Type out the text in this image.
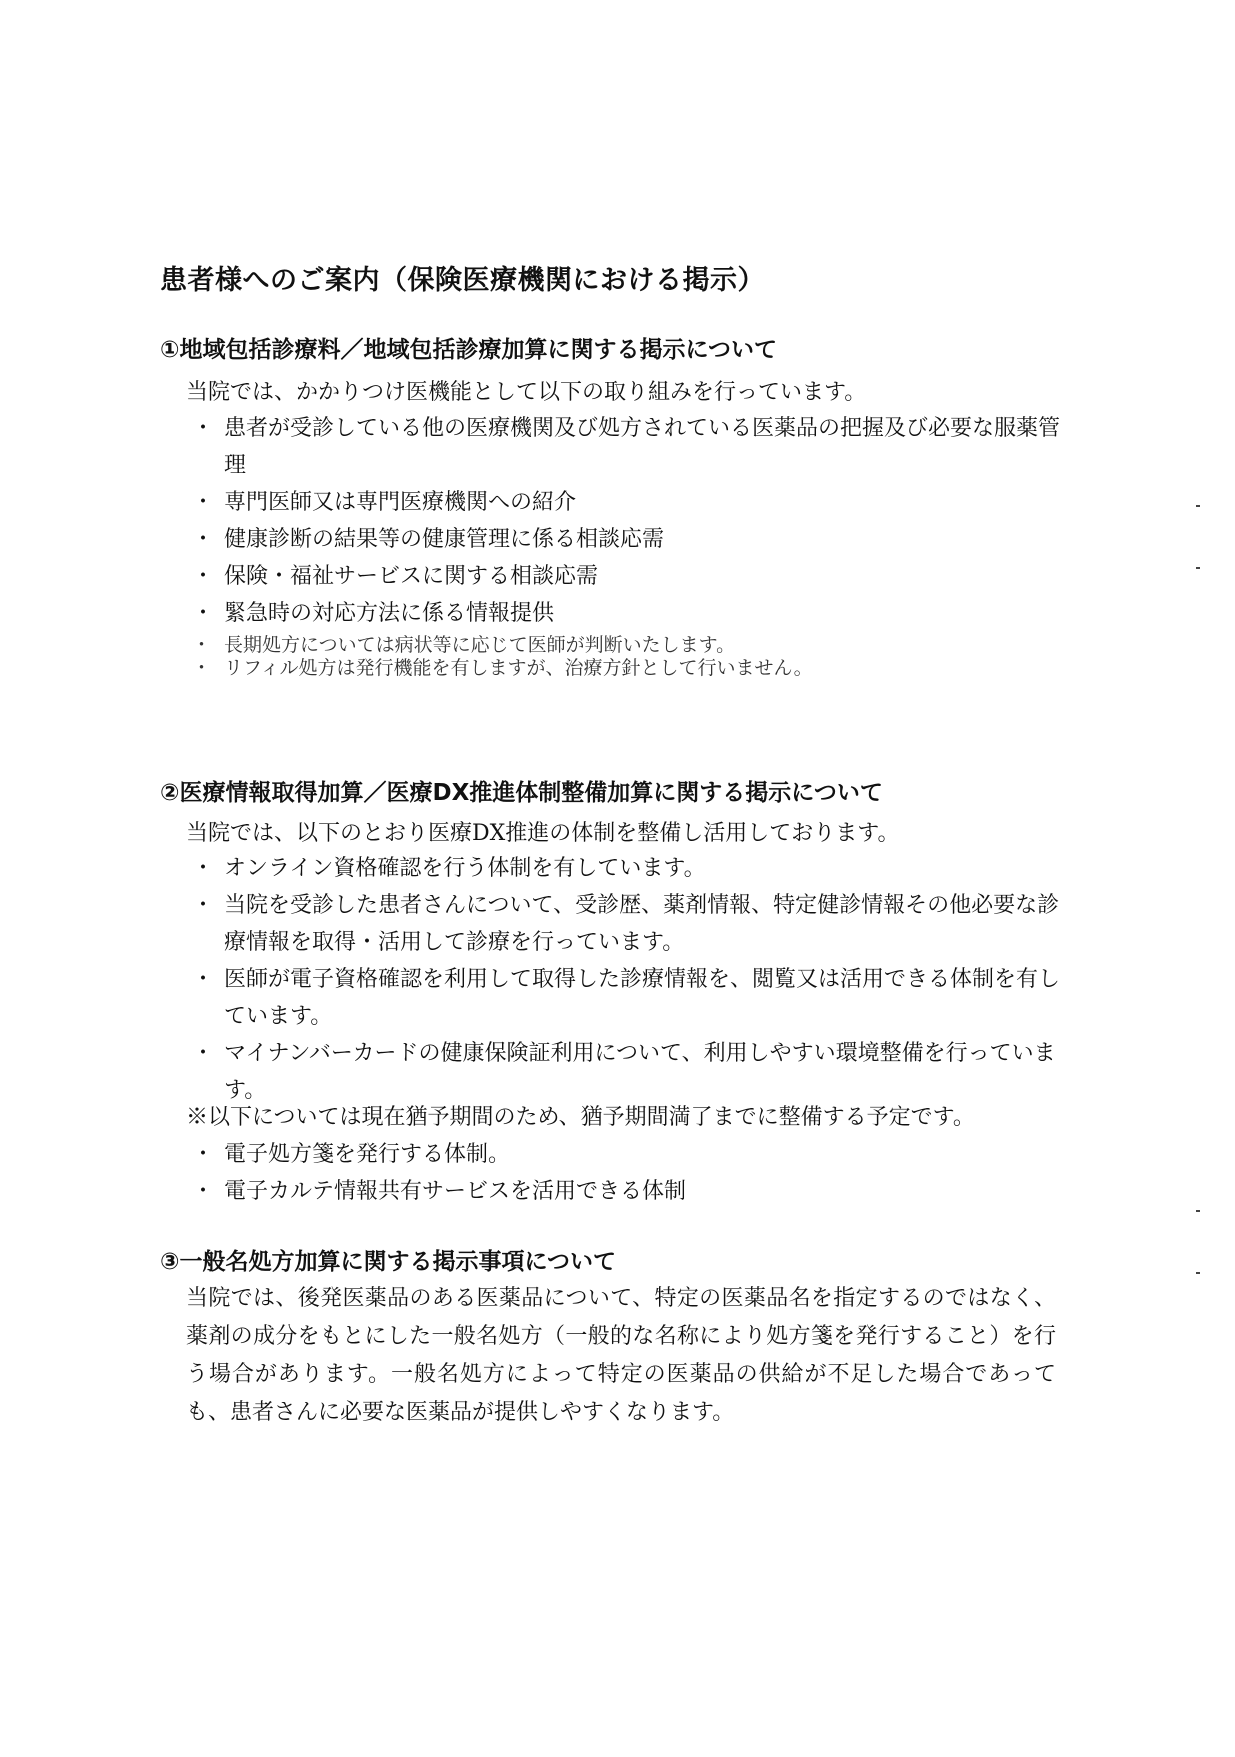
患者様へのご案内（保険医療機関における掲示）
①地域包括診療料／地域包括診療加算に関する掲示について
当院では、かかりつけ医機能として以下の取り組みを行っています。
・ 患者が受診している他の医療機関及び処方されている医薬品の把握及び必要な服薬管理
・ 専門医師又は専門医療機関への紹介
・ 健康診断の結果等の健康管理に係る相談応需
・ 保険・福祉サービスに関する相談応需
・ 緊急時の対応方法に係る情報提供
・ 長期処方については病状等に応じて医師が判断いたします。
・ リフィル処方は発行機能を有しますが、治療方針として行いません。
②医療情報取得加算／医療DX推進体制整備加算に関する掲示について
当院では、以下のとおり医療DX推進の体制を整備し活用しております。
・ オンライン資格確認を行う体制を有しています。
・ 当院を受診した患者さんについて、受診歴、薬剤情報、特定健診情報その他必要な診療情報を取得・活用して診療を行っています。
・ 医師が電子資格確認を利用して取得した診療情報を、閲覧又は活用できる体制を有しています。
・ マイナンバーカードの健康保険証利用について、利用しやすい環境整備を行っています。
※以下については現在猶予期間のため、猶予期間満了までに整備する予定です。
・ 電子処方箋を発行する体制。
・ 電子カルテ情報共有サービスを活用できる体制
③一般名処方加算に関する掲示事項について
当院では、後発医薬品のある医薬品について、特定の医薬品名を指定するのではなく、薬剤の成分をもとにした一般名処方（一般的な名称により処方箋を発行すること）を行う場合があります。一般名処方によって特定の医薬品の供給が不足した場合であっても、患者さんに必要な医薬品が提供しやすくなります。
